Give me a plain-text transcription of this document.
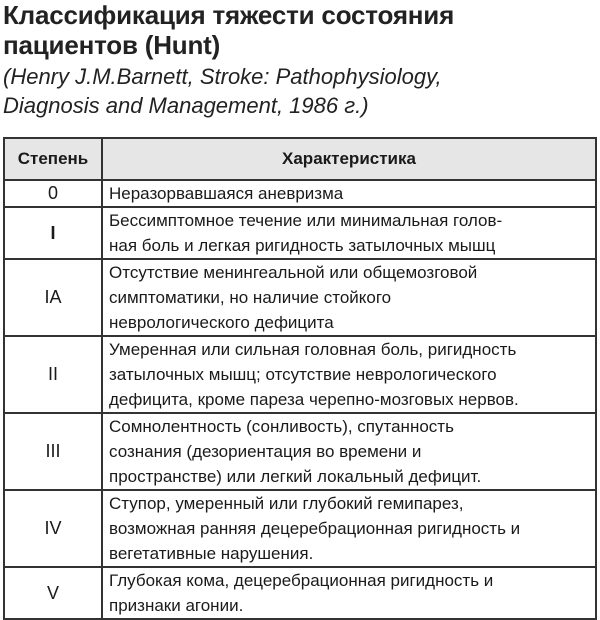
Классификация тяжести состояния
пациентов (Hunt)
(Henry J.M.Barnett, Stroke: Pathophysiology,
Diagnosis and Management, 1986 г.)
Степень	Характеристика
0	Неразорвавшаяся аневризма

I	Бессимптомное течение или минимальная голов-
ная боль и легкая ригидность затылочных мышц

IA	Отсутствие менингеальной или общемозговой
симптоматики, но наличие стойкого
неврологического дефицита

II	Умеренная или сильная головная боль, ригидность
затылочных мышц; отсутствие неврологического
дефицита, кроме пареза черепно-мозговых нервов.

III	Сомнолентность (сонливость), спутанность
сознания (дезориентация во времени и
пространстве) или легкий локальный дефицит.

IV	Ступор, умеренный или глубокий гемипарез,
возможная ранняя децеребрационная ригидность и
вегетативные нарушения.

V	Глубокая кома, децеребрационная ригидность и
признаки агонии.
